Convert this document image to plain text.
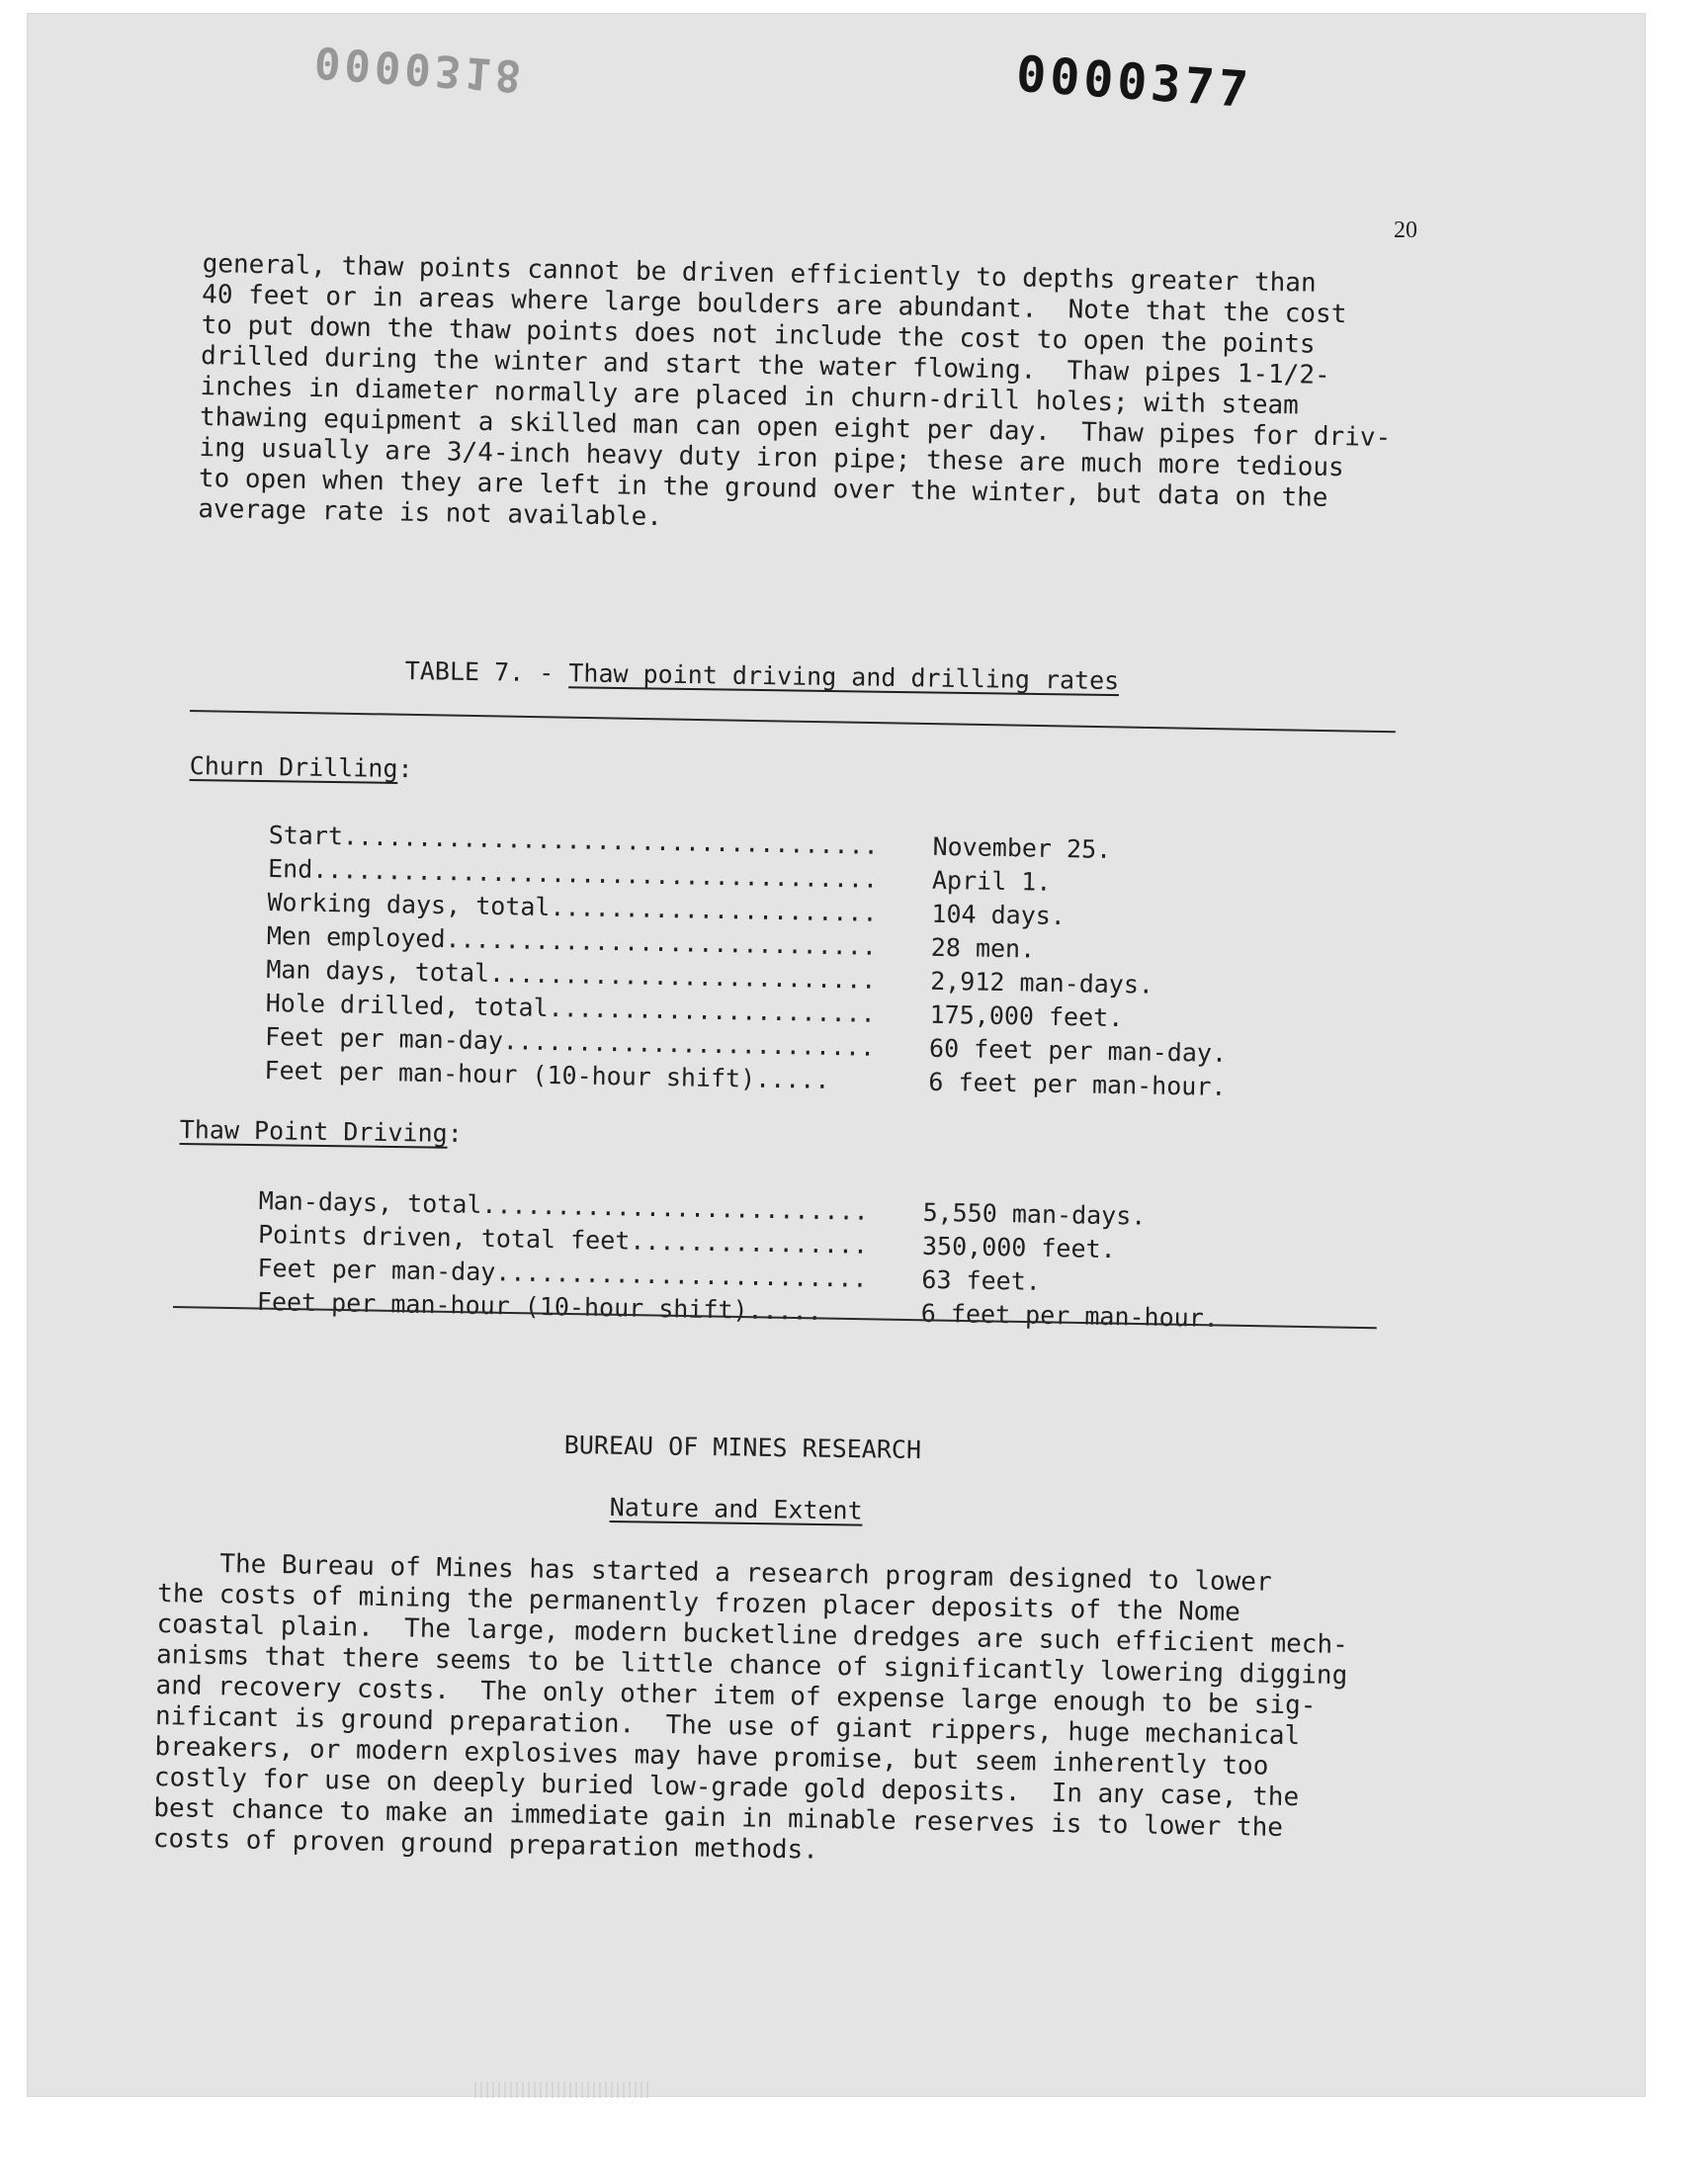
0000318	0000377
20
general, thaw points cannot be driven efficiently to depths greater than
40 feet or in areas where large boulders are abundant.  Note that the cost
to put down the thaw points does not include the cost to open the points
drilled during the winter and start the water flowing.  Thaw pipes 1-1/2-
inches in diameter normally are placed in churn-drill holes; with steam
thawing equipment a skilled man can open eight per day.  Thaw pipes for driv-
ing usually are 3/4-inch heavy duty iron pipe; these are much more tedious
to open when they are left in the ground over the winter, but data on the
average rate is not available.
TABLE 7. - Thaw point driving and drilling rates
Churn Drilling:
Start....................................	November 25.
End......................................	April 1.
Working days, total......................	104 days.
Men employed.............................	28 men.
Man days, total..........................	2,912 man-days.
Hole drilled, total......................	175,000 feet.
Feet per man-day.........................	60 feet per man-day.
Feet per man-hour (10-hour shift).....	6 feet per man-hour.
Thaw Point Driving:
Man-days, total..........................	5,550 man-days.
Points driven, total feet................	350,000 feet.
Feet per man-day.........................	63 feet.
Feet per man-hour (10-hour shift).....	6 feet per man-hour.
BUREAU OF MINES RESEARCH
Nature and Extent
The Bureau of Mines has started a research program designed to lower
the costs of mining the permanently frozen placer deposits of the Nome
coastal plain.  The large, modern bucketline dredges are such efficient mech-
anisms that there seems to be little chance of significantly lowering digging
and recovery costs.  The only other item of expense large enough to be sig-
nificant is ground preparation.  The use of giant rippers, huge mechanical
breakers, or modern explosives may have promise, but seem inherently too
costly for use on deeply buried low-grade gold deposits.  In any case, the
best chance to make an immediate gain in minable reserves is to lower the
costs of proven ground preparation methods.
